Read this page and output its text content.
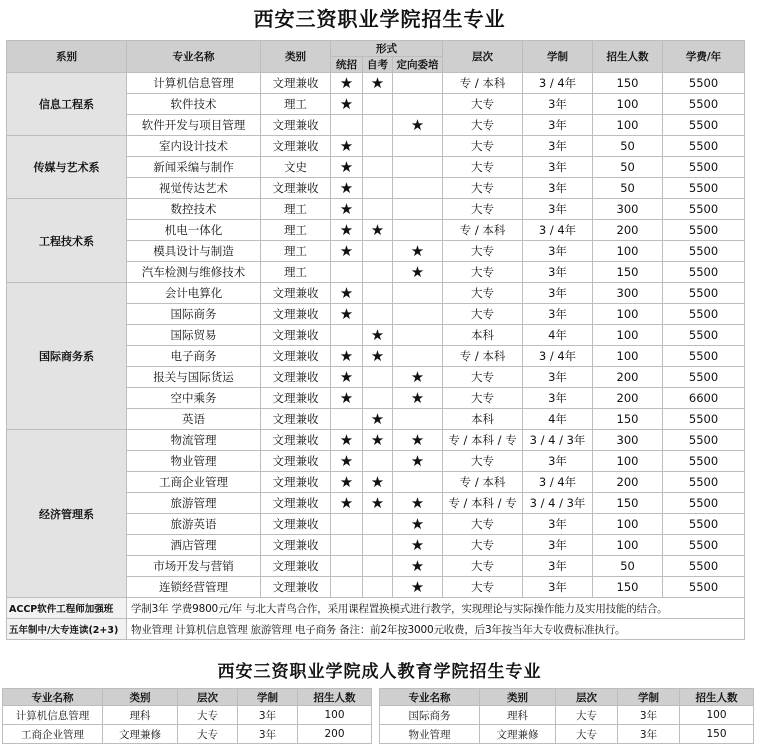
西安三资职业学院招生专业
系别	专业名称	类别	形式			层次	学制	招生人数	学费/年
			统招	自考	定向委培				
信息工程系	计算机信息管理	文理兼收	★	★		专 / 本科	3 / 4年	150	5500
	软件技术	理工	★			大专	3年	100	5500
	软件开发与项目管理	文理兼收			★	大专	3年	100	5500
传媒与艺术系	室内设计技术	文理兼收	★			大专	3年	50	5500
	新闻采编与制作	文史	★			大专	3年	50	5500
	视觉传达艺术	文理兼收	★			大专	3年	50	5500
工程技术系	数控技术	理工	★			大专	3年	300	5500
	机电一体化	理工	★	★		专 / 本科	3 / 4年	200	5500
	模具设计与制造	理工	★		★	大专	3年	100	5500
	汽车检测与维修技术	理工			★	大专	3年	150	5500
国际商务系	会计电算化	文理兼收	★			大专	3年	300	5500
	国际商务	文理兼收	★			大专	3年	100	5500
	国际贸易	文理兼收		★		本科	4年	100	5500
	电子商务	文理兼收	★	★		专 / 本科	3 / 4年	100	5500
	报关与国际货运	文理兼收	★		★	大专	3年	200	5500
	空中乘务	文理兼收	★		★	大专	3年	200	6600
	英语	文理兼收		★		本科	4年	150	5500
经济管理系	物流管理	文理兼收	★	★	★	专 / 本科 / 专	3 / 4 / 3年	300	5500
	物业管理	文理兼收	★		★	大专	3年	100	5500
	工商企业管理	文理兼收	★	★		专 / 本科	3 / 4年	200	5500
	旅游管理	文理兼收	★	★	★	专 / 本科 / 专	3 / 4 / 3年	150	5500
	旅游英语	文理兼收			★	大专	3年	100	5500
	酒店管理	文理兼收			★	大专	3年	100	5500
	市场开发与营销	文理兼收			★	大专	3年	50	5500
	连锁经营管理	文理兼收			★	大专	3年	150	5500
ACCP软件工程师加强班	学制3年 学费9800元/年 与北大青鸟合作，采用课程置换模式进行教学，实现理论与实际操作能力及实用技能的结合。								
五年制中/大专连读(2+3)	物业管理 计算机信息管理 旅游管理 电子商务 备注：前2年按3000元收费，后3年按当年大专收费标准执行。								
西安三资职业学院成人教育学院招生专业
专业名称	类别	层次	学制	招生人数
计算机信息管理	理科	大专	3年	100
工商企业管理	文理兼修	大专	3年	200
专业名称	类别	层次	学制	招生人数
国际商务	理科	大专	3年	100
物业管理	文理兼修	大专	3年	150
